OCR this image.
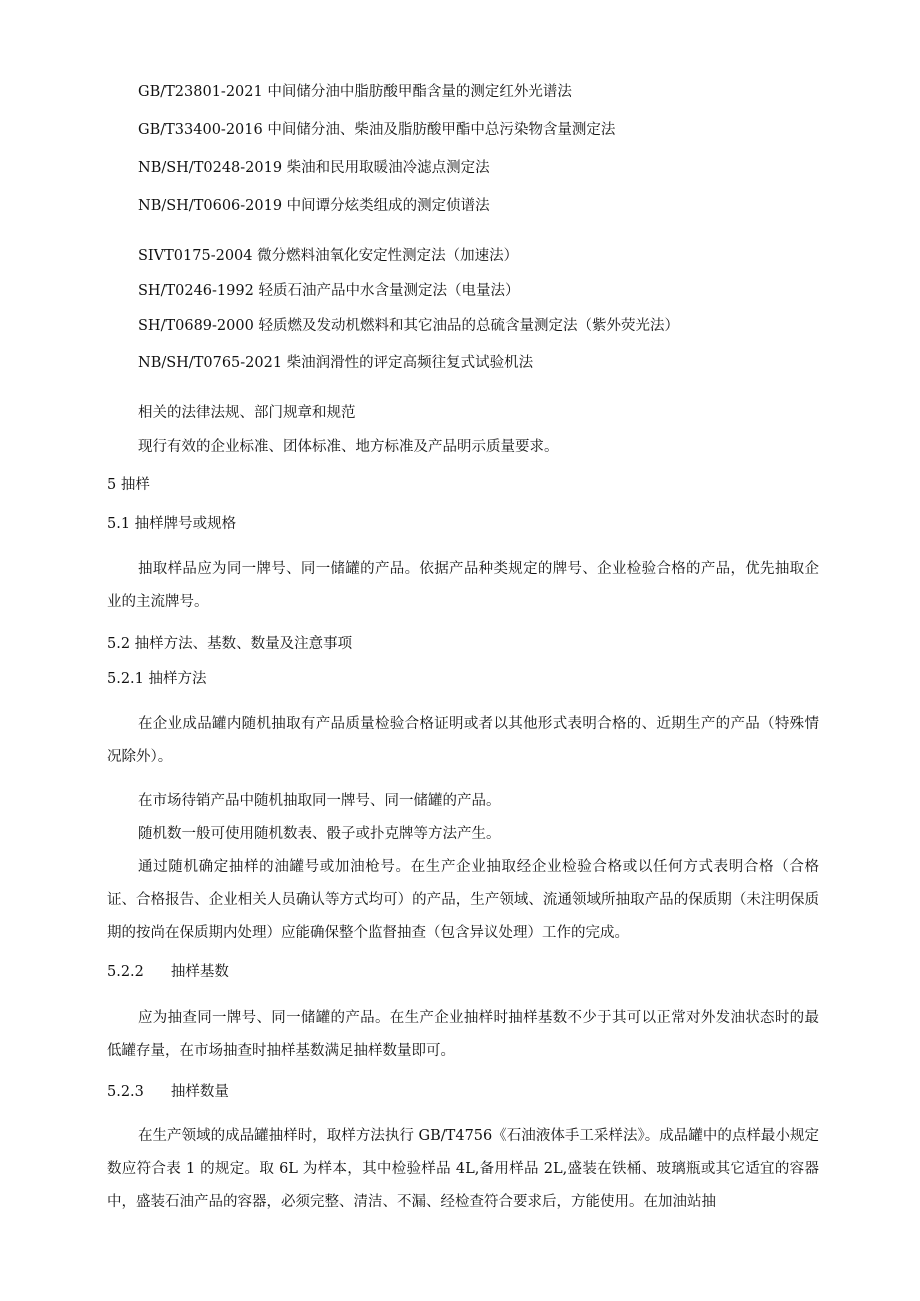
GB/T23801-2021 中间储分油中脂肪酸甲酯含量的测定红外光谱法
GB/T33400-2016 中间储分油、柴油及脂肪酸甲酯中总污染物含量测定法
NB/SH/T0248-2019 柴油和民用取暖油冷滤点测定法
NB/SH/T0606-2019 中间谭分炫类组成的测定侦谱法
SIVT0175-2004 微分燃料油氧化安定性测定法（加速法）
SH/T0246-1992 轻质石油产品中水含量测定法（电量法）
SH/T0689-2000 轻质燃及发动机燃料和其它油品的总硫含量测定法（紫外荧光法）
NB/SH/T0765-2021 柴油润滑性的评定高频往复式试验机法
相关的法律法规、部门规章和规范
现行有效的企业标准、团体标准、地方标准及产品明示质量要求。
5 抽样
5.1 抽样牌号或规格
抽取样品应为同一牌号、同一储罐的产品。依据产品种类规定的牌号、企业检验合格的产品，优先抽取企业的主流牌号。
5.2 抽样方法、基数、数量及注意事项
5.2.1 抽样方法
在企业成品罐内随机抽取有产品质量检验合格证明或者以其他形式表明合格的、近期生产的产品（特殊情况除外）。
在市场待销产品中随机抽取同一牌号、同一储罐的产品。
随机数一般可使用随机数表、骰子或扑克牌等方法产生。
通过随机确定抽样的油罐号或加油枪号。在生产企业抽取经企业检验合格或以任何方式表明合格（合格证、合格报告、企业相关人员确认等方式均可）的产品，生产领域、流通领域所抽取产品的保质期（未注明保质期的按尚在保质期内处理）应能确保整个监督抽查（包含异议处理）工作的完成。
5.2.2 抽样基数
应为抽查同一牌号、同一储罐的产品。在生产企业抽样时抽样基数不少于其可以正常对外发油状态时的最低罐存量，在市场抽查时抽样基数满足抽样数量即可。
5.2.3 抽样数量
在生产领域的成品罐抽样时，取样方法执行 GB/T4756《石油液体手工采样法》。成品罐中的点样最小规定数应符合表 1 的规定。取 6L 为样本，其中检验样品 4L,备用样品 2L,盛装在铁桶、玻璃瓶或其它适宜的容器中，盛装石油产品的容器，必须完整、清洁、不漏、经检查符合要求后，方能使用。在加油站抽
